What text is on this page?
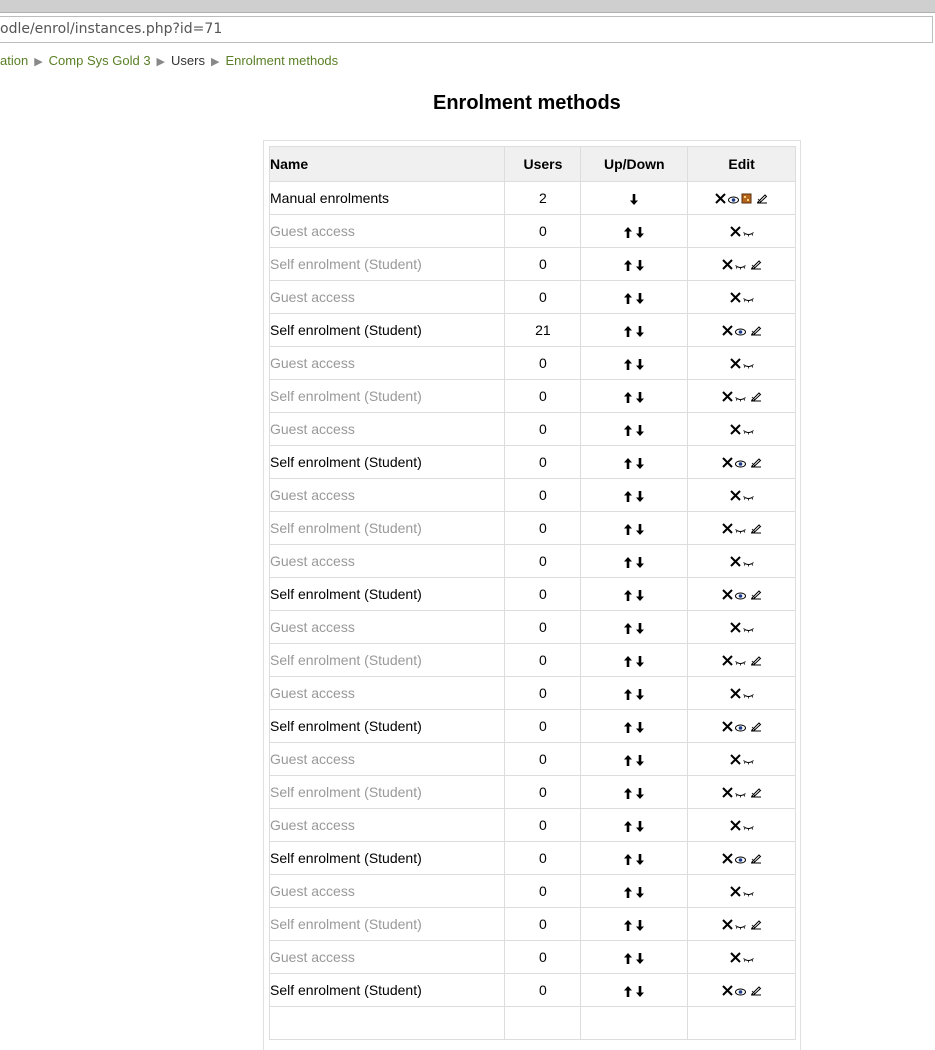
odle/enrol/instances.php?id=71
ation ▶ Comp Sys Gold 3 ▶ Users ▶ Enrolment methods
Enrolment methods
Name	Users	Up/Down	Edit
Manual enrolments	2		
Guest access	0		
Self enrolment (Student)	0		
Guest access	0		
Self enrolment (Student)	21		
Guest access	0		
Self enrolment (Student)	0		
Guest access	0		
Self enrolment (Student)	0		
Guest access	0		
Self enrolment (Student)	0		
Guest access	0		
Self enrolment (Student)	0		
Guest access	0		
Self enrolment (Student)	0		
Guest access	0		
Self enrolment (Student)	0		
Guest access	0		
Self enrolment (Student)	0		
Guest access	0		
Self enrolment (Student)	0		
Guest access	0		
Self enrolment (Student)	0		
Guest access	0		
Self enrolment (Student)	0		
